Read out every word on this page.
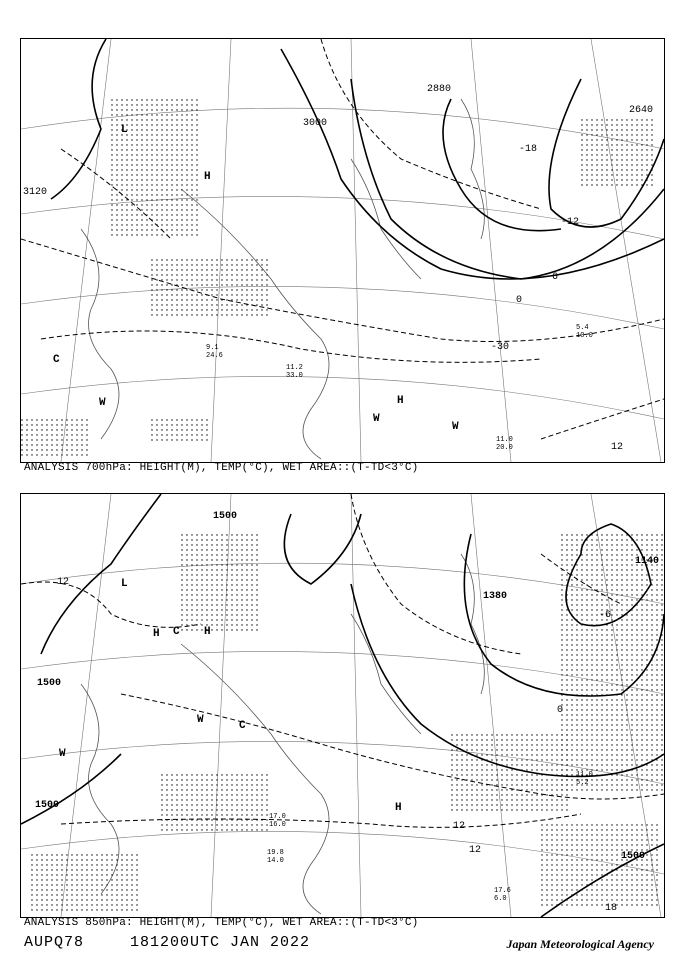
11.0
20.0
5.4
10.0
11.2
33.0
9.1
24.6
3120
3000
2880
2640
0
-6
-12
-18
-30
12
L
H
H
C
W
W
W
ANALYSIS 700hPa: HEIGHT(M), TEMP(°C), WET AREA::(T-TD<3°C)
17.6
6.0
11.0
5.2
17.0
16.0
19.8
14.0
1500
1500
1500
1500
1380
1140
0
-6
12
12
18
12	L
H	H
H
C
C
W
W
ANALYSIS 850hPa: HEIGHT(M), TEMP(°C), WET AREA::(T-TD<3°C)
AUPQ78	181200UTC JAN 2022	Japan Meteorological Agency
